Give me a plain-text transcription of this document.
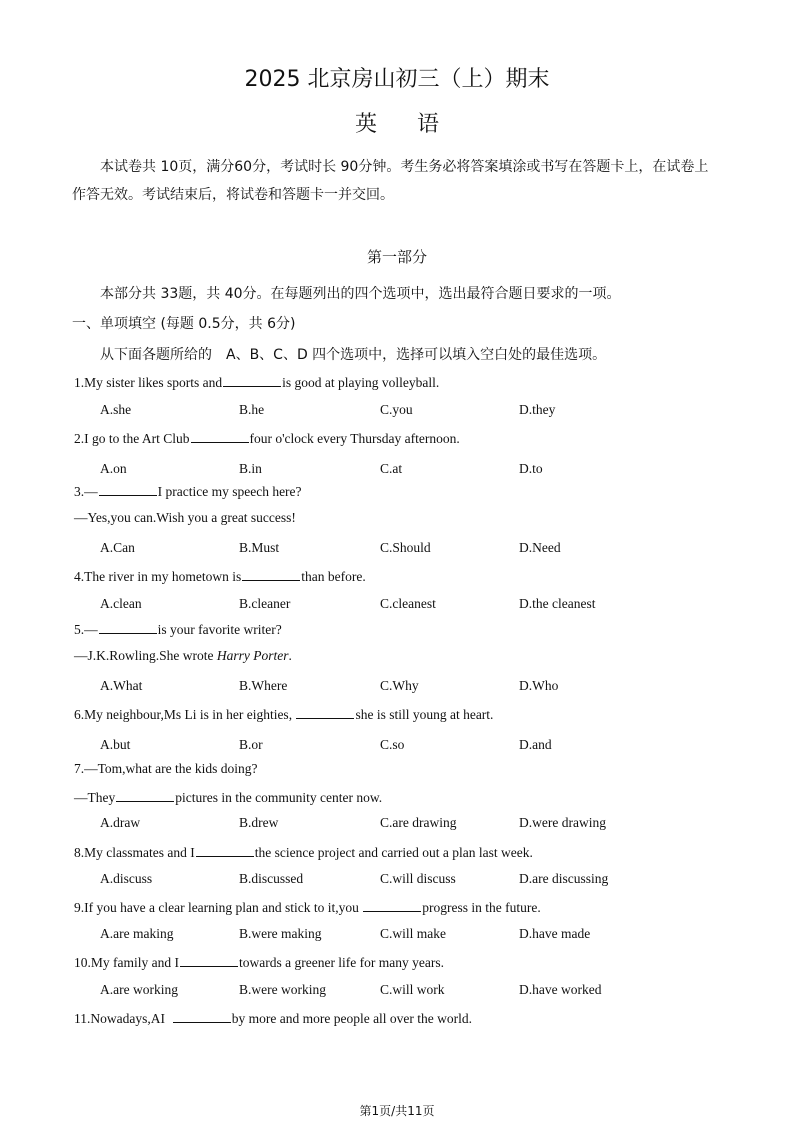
2025 北京房山初三（上）期末
英语
本试卷共 10页，满分60分，考试时长 90分钟。考生务必将答案填涂或书写在答题卡上，在试卷上作答无效。考试结束后，将试卷和答题卡一并交回。
第一部分
本部分共 33题，共 40分。在每题列出的四个选项中，选出最符合题日要求的一项。
一、单项填空 (每题 0.5分，共 6分)
从下面各题所给的　A、B、C、D 四个选项中，选择可以填入空白处的最佳选项。
1.My sister likes sports and	is good at playing volleyball.
A.she	B.he	C.you	D.they
2.I go to the Art Club	four o'clock every Thursday afternoon.
A.on	B.in	C.at	D.to
3.—	I practice my speech here?
—Yes,you can.Wish you a great success!
A.Can	B.Must	C.Should	D.Need
4.The river in my hometown is	than before.
A.clean	B.cleaner	C.cleanest	D.the cleanest
5.—	is your favorite writer?
—J.K.Rowling.She wrote Harry Porter.
A.What	B.Where	C.Why	D.Who
6.My neighbour,Ms Li is in her eighties,	she is still young at heart.
A.but	B.or	C.so	D.and
7.—Tom,what are the kids doing?
—They	pictures in the community center now.
A.draw	B.drew	C.are drawing	D.were drawing
8.My classmates and I	the science project and carried out a plan last week.
A.discuss	B.discussed	C.will discuss	D.are discussing
9.If you have a clear learning plan and stick to it,you	progress in the future.
A.are making	B.were making	C.will make	D.have made
10.My family and I	towards a greener life for many years.
A.are working	B.were working	C.will work	D.have worked
11.Nowadays,AI	by more and more people all over the world.
第1页/共11页
